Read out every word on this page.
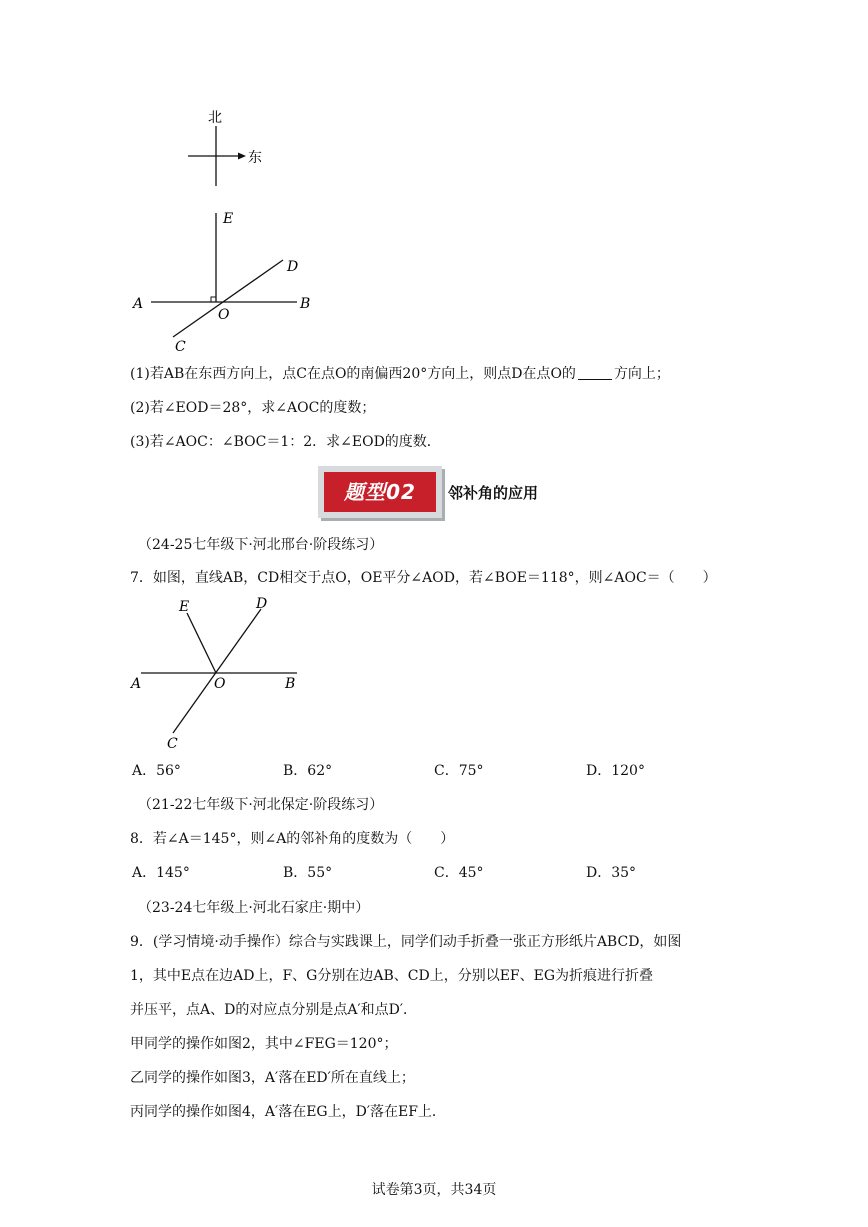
北
东
E
D
A	B
O
C
(1)若AB在东西方向上，点C在点O的南偏西20°方向上，则点D在点O的	方向上；
(2)若∠EOD＝28°，求∠AOC的度数；
(3)若∠AOC：∠BOC＝1：2．求∠EOD的度数．
题型02	邻补角的应用
（24-25七年级下·河北邢台·阶段练习）
7．如图，直线AB，CD相交于点O，OE平分∠AOD，若∠BOE＝118°，则∠AOC＝（　　）
E	D
A	O	B
C
A．56°	B．62°	C．75°	D．120°
（21-22七年级下·河北保定·阶段练习）
8．若∠A＝145°，则∠A的邻补角的度数为（　　）
A．145°	B．55°	C．45°	D．35°
（23-24七年级上·河北石家庄·期中）
9．(学习情境·动手操作）综合与实践课上，同学们动手折叠一张正方形纸片ABCD，如图
1，其中E点在边AD上，F、G分别在边AB、CD上，分别以EF、EG为折痕进行折叠
并压平，点A、D的对应点分别是点A′和点D′．
甲同学的操作如图2，其中∠FEG＝120°；
乙同学的操作如图3，A′落在ED′所在直线上；
丙同学的操作如图4，A′落在EG上，D′落在EF上．
试卷第3页，共34页
